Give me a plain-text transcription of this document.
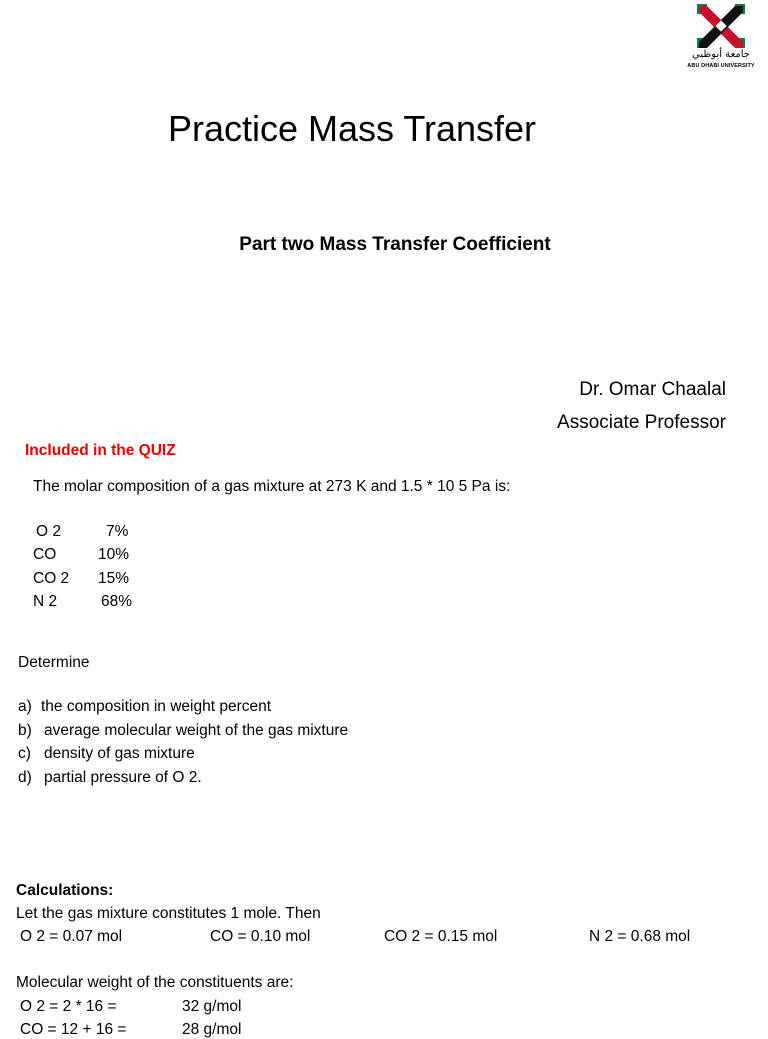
جامعة أبوظبي
ABU DHABI UNIVERSITY
Practice Mass Transfer
Part two Mass Transfer Coefficient
Dr. Omar Chaalal
Associate Professor
Included in the QUIZ
The molar composition of a gas mixture at 273 K and 1.5 * 10 5 Pa is:
O 2	7%
CO	10%
CO 2 15%
N 2	68%
Determine
a) the composition in weight percent
b) average molecular weight of the gas mixture
c) density of gas mixture
d) partial pressure of O 2.
Calculations:
Let the gas mixture constitutes 1 mole. Then
O 2 = 0.07 mol	CO = 0.10 mol	CO 2 = 0.15 mol	N 2 = 0.68 mol
Molecular weight of the constituents are:
O 2 = 2 * 16 =	32 g/mol
CO = 12 + 16 =	28 g/mol
